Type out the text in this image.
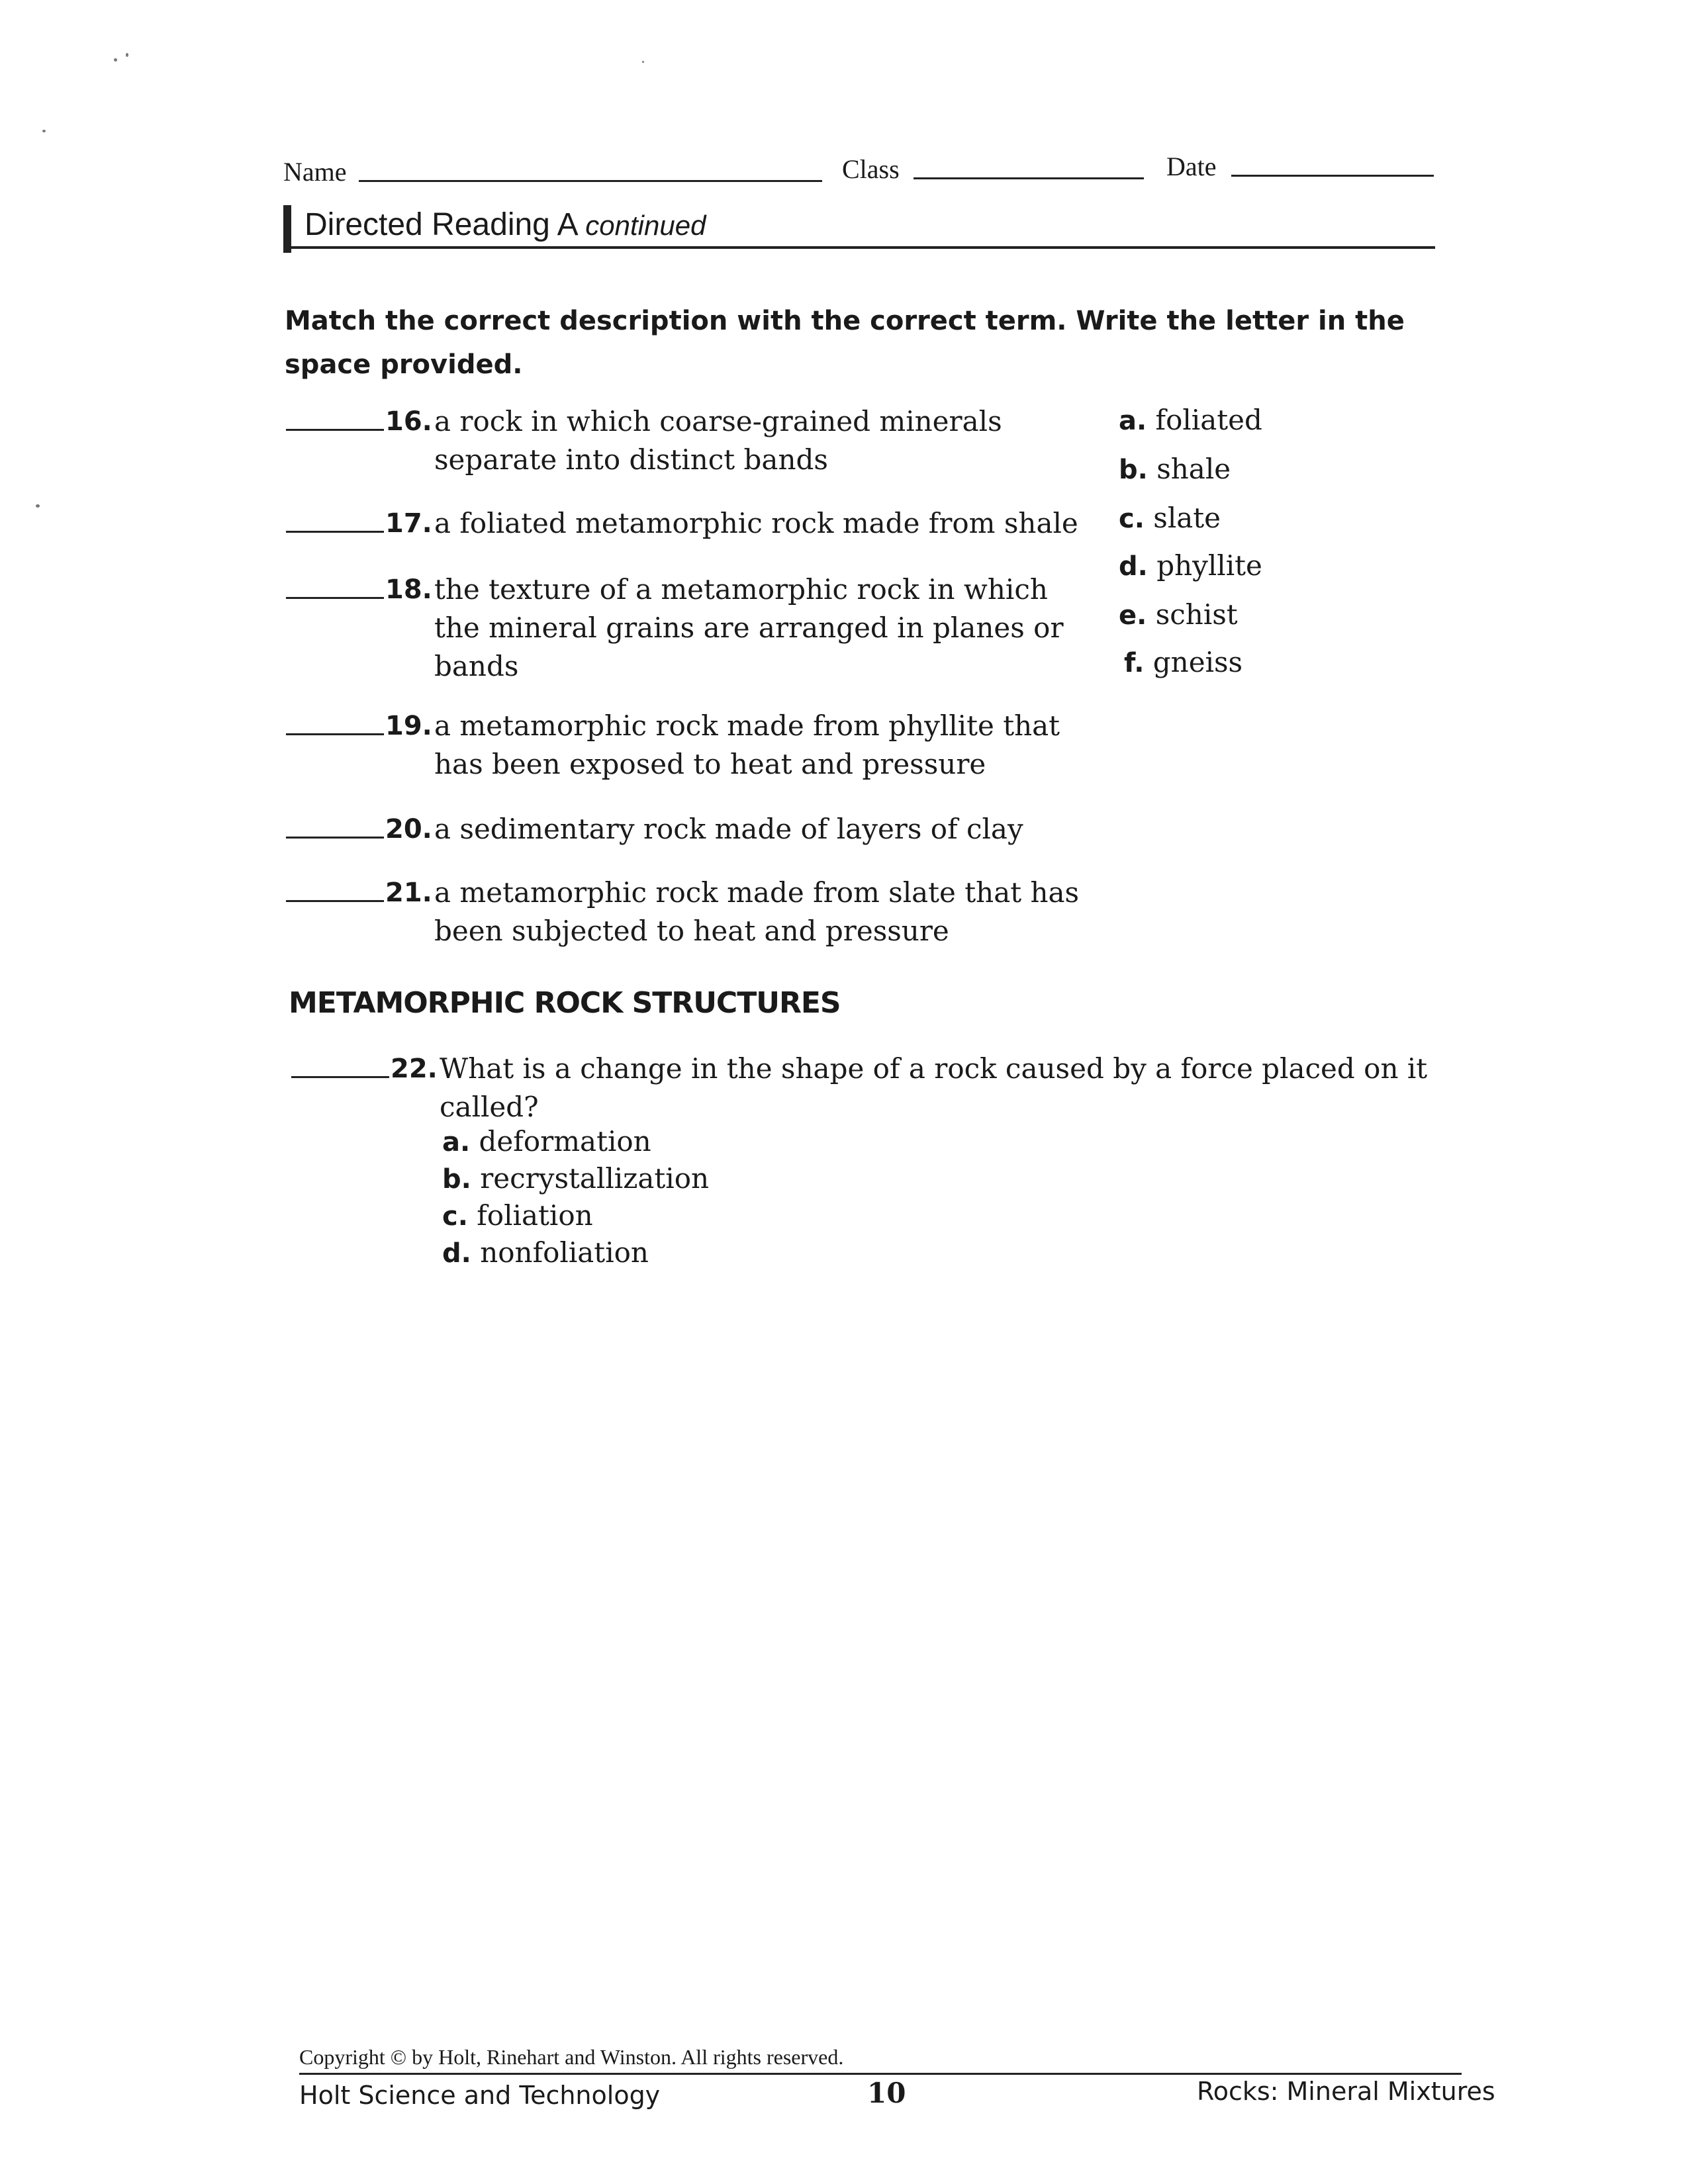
Name	Class	Date
Directed Reading A continued
Match the correct description with the correct term. Write the letter in the space provided.
16. a rock in which coarse-grained minerals separate into distinct bands
17. a foliated metamorphic rock made from shale
18. the texture of a metamorphic rock in which the mineral grains are arranged in planes or bands
19. a metamorphic rock made from phyllite that has been exposed to heat and pressure
20. a sedimentary rock made of layers of clay
21. a metamorphic rock made from slate that has been subjected to heat and pressure
a. foliated
b. shale
c. slate
d. phyllite
e. schist
f. gneiss
METAMORPHIC ROCK STRUCTURES
22. What is a change in the shape of a rock caused by a force placed on it called?
a. deformation
b. recrystallization
c. foliation
d. nonfoliation
Copyright © by Holt, Rinehart and Winston. All rights reserved.
Holt Science and Technology	10	Rocks: Mineral Mixtures
